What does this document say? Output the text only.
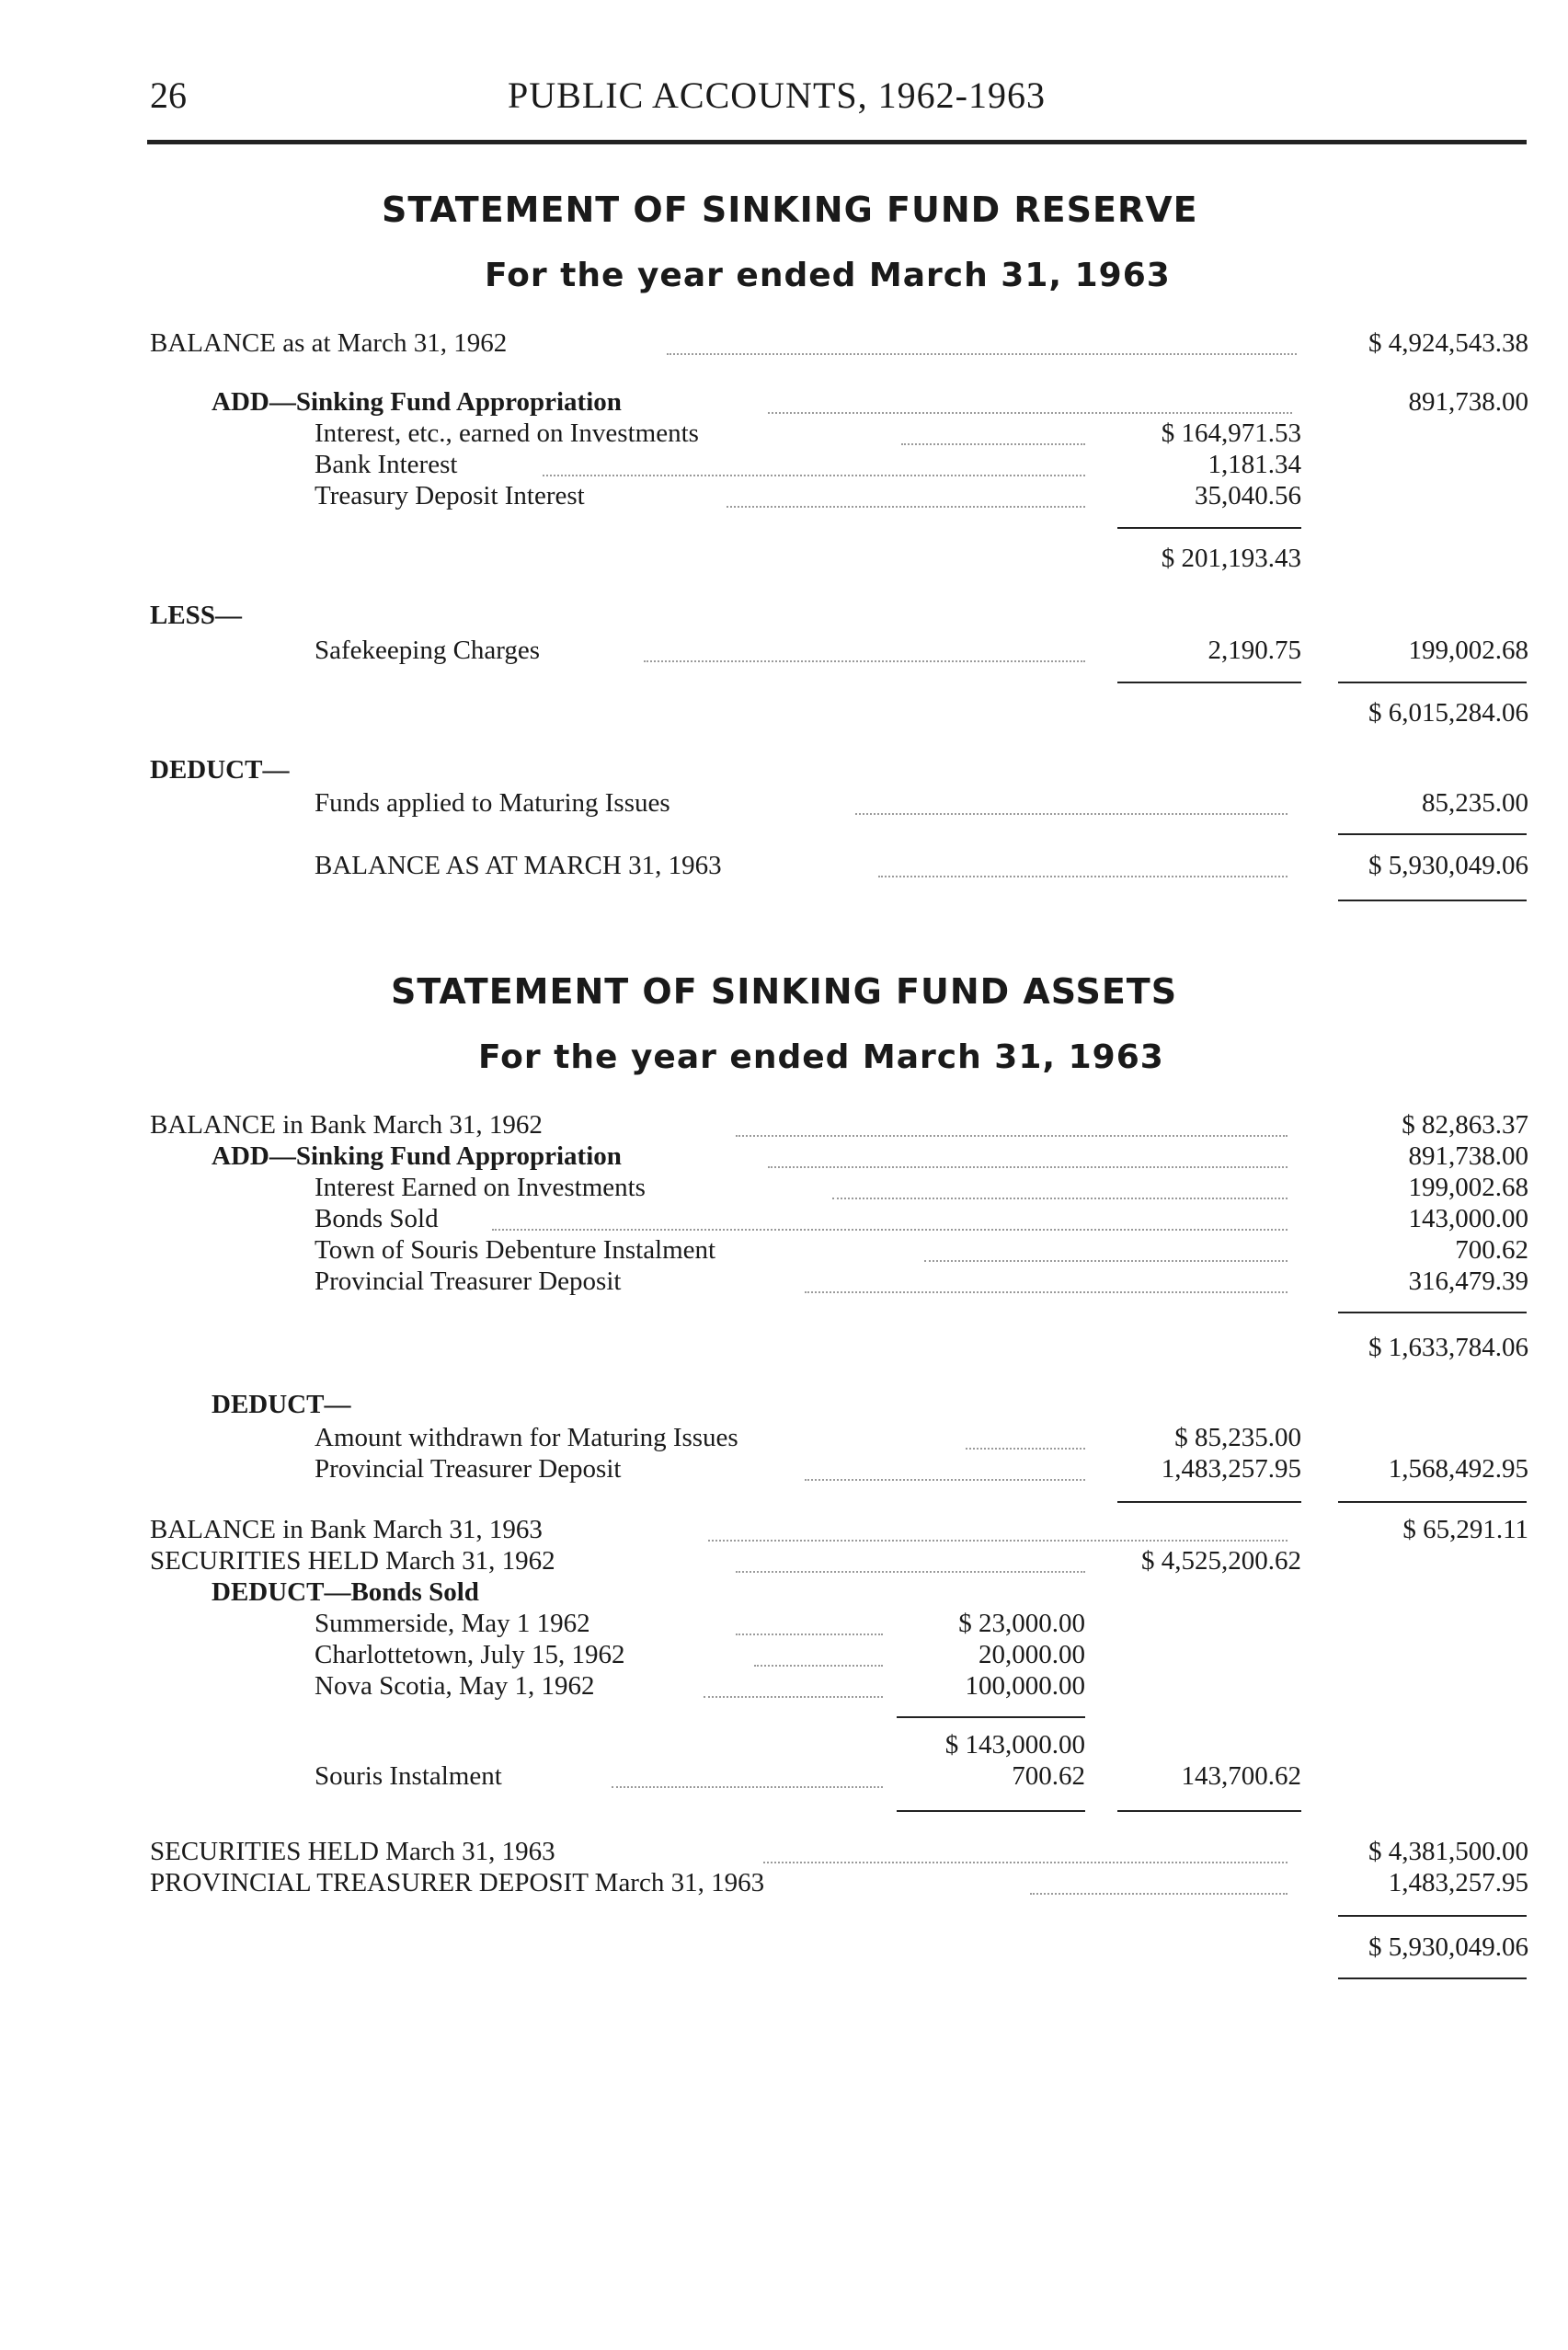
26	PUBLIC ACCOUNTS, 1962-1963
STATEMENT OF SINKING FUND RESERVE
For the year ended March 31, 1963
BALANCE as at March 31, 1962	$ 4,924,543.38
ADD—Sinking Fund Appropriation	891,738.00
Interest, etc., earned on Investments	$ 164,971.53
Bank Interest	1,181.34
Treasury Deposit Interest	35,040.56
$ 201,193.43
LESS—
Safekeeping Charges	2,190.75	199,002.68
$ 6,015,284.06
DEDUCT—
Funds applied to Maturing Issues	85,235.00
BALANCE AS AT MARCH 31, 1963	$ 5,930,049.06
STATEMENT OF SINKING FUND ASSETS
For the year ended March 31, 1963
BALANCE in Bank March 31, 1962	$ 82,863.37
ADD—Sinking Fund Appropriation	891,738.00
Interest Earned on Investments	199,002.68
Bonds Sold	143,000.00
Town of Souris Debenture Instalment	700.62
Provincial Treasurer Deposit	316,479.39
$ 1,633,784.06
DEDUCT—
Amount withdrawn for Maturing Issues	$ 85,235.00
Provincial Treasurer Deposit	1,483,257.95	1,568,492.95
BALANCE in Bank March 31, 1963	$ 65,291.11
SECURITIES HELD March 31, 1962	$ 4,525,200.62
DEDUCT—Bonds Sold
Summerside, May 1 1962	$ 23,000.00
Charlottetown, July 15, 1962	20,000.00
Nova Scotia, May 1, 1962	100,000.00
$ 143,000.00
Souris Instalment	700.62	143,700.62
SECURITIES HELD March 31, 1963	$ 4,381,500.00
PROVINCIAL TREASURER DEPOSIT March 31, 1963	1,483,257.95
$ 5,930,049.06
